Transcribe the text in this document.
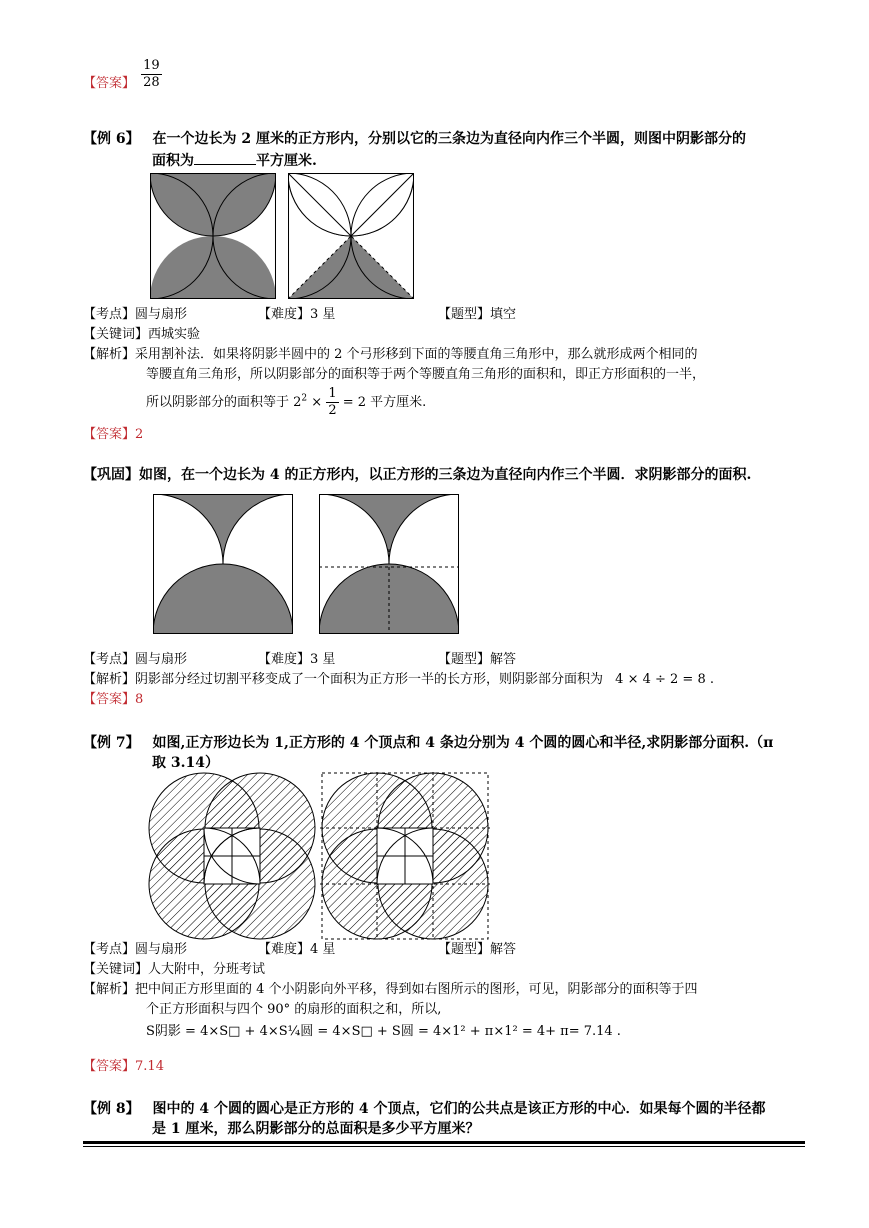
【答案】 $\frac{19}{28}$
【例 6】 在一个边长为 2 厘米的正方形内，分别以它的三条边为直径向内作三个半圆，则图中阴影部分的
面积为	平方厘米.
【考点】圆与扇形	【难度】3 星	【题型】填空
【关键词】西城实验
【解析】采用割补法．如果将阴影半圆中的 2 个弓形移到下面的等腰直角三角形中，那么就形成两个相同的
等腰直角三角形，所以阴影部分的面积等于两个等腰直角三角形的面积和，即正方形面积的一半，
所以阴影部分的面积等于 $2^2 \times \frac{1}{2} = 2$ 平方厘米.
【答案】2
【巩固】如图，在一个边长为 4 的正方形内，以正方形的三条边为直径向内作三个半圆．求阴影部分的面积.
【考点】圆与扇形	【难度】3 星	【题型】解答
【解析】阴影部分经过切割平移变成了一个面积为正方形一半的长方形，则阴影部分面积为 4 × 4 ÷ 2 = 8 .
【答案】8
【例 7】 如图,正方形边长为 1,正方形的 4 个顶点和 4 条边分别为 4 个圆的圆心和半径,求阴影部分面积.（π
取 3.14）
【考点】圆与扇形	【难度】4 星	【题型】解答
【关键词】人大附中，分班考试
【解析】把中间正方形里面的 4 个小阴影向外平移，得到如右图所示的图形，可见，阴影部分的面积等于四
个正方形面积与四个 90° 的扇形的面积之和，所以,
S阴影 = 4×S□ + 4×S¼圆 = 4×S□ + S圆 = 4×1² + π×1² = 4+ π= 7.14 .
【答案】7.14
【例 8】 图中的 4 个圆的圆心是正方形的 4 个顶点，它们的公共点是该正方形的中心．如果每个圆的半径都
是 1 厘米，那么阴影部分的总面积是多少平方厘米？
